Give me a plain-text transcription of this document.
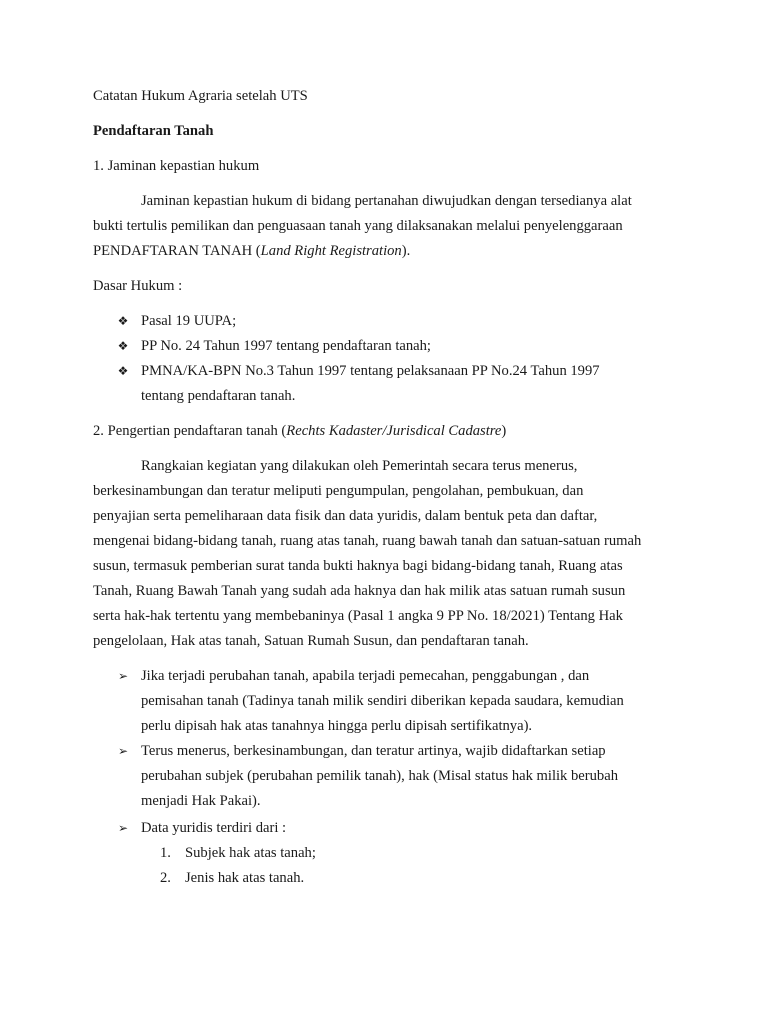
Catatan Hukum Agraria setelah UTS
Pendaftaran Tanah
1. Jaminan kepastian hukum
Jaminan kepastian hukum di bidang pertanahan diwujudkan dengan tersedianya alat
bukti tertulis pemilikan dan penguasaan tanah yang dilaksanakan melalui penyelenggaraan
PENDAFTARAN TANAH (Land Right Registration).
Dasar Hukum :
❖ Pasal 19 UUPA;
❖ PP No. 24 Tahun 1997 tentang pendaftaran tanah;
❖ PMNA/KA-BPN No.3 Tahun 1997 tentang pelaksanaan PP No.24 Tahun 1997
tentang pendaftaran tanah.
2. Pengertian pendaftaran tanah (Rechts Kadaster/Jurisdical Cadastre)
Rangkaian kegiatan yang dilakukan oleh Pemerintah secara terus menerus,
berkesinambungan dan teratur meliputi pengumpulan, pengolahan, pembukuan, dan
penyajian serta pemeliharaan data fisik dan data yuridis, dalam bentuk peta dan daftar,
mengenai bidang-bidang tanah, ruang atas tanah, ruang bawah tanah dan satuan-satuan rumah
susun, termasuk pemberian surat tanda bukti haknya bagi bidang-bidang tanah, Ruang atas
Tanah, Ruang Bawah Tanah yang sudah ada haknya dan hak milik atas satuan rumah susun
serta hak-hak tertentu yang membebaninya (Pasal 1 angka 9 PP No. 18/2021) Tentang Hak
pengelolaan, Hak atas tanah, Satuan Rumah Susun, dan pendaftaran tanah.
➢ Jika terjadi perubahan tanah, apabila terjadi pemecahan, penggabungan , dan
pemisahan tanah (Tadinya tanah milik sendiri diberikan kepada saudara, kemudian
perlu dipisah hak atas tanahnya hingga perlu dipisah sertifikatnya).
➢ Terus menerus, berkesinambungan, dan teratur artinya, wajib didaftarkan setiap
perubahan subjek (perubahan pemilik tanah), hak (Misal status hak milik berubah
menjadi Hak Pakai).
➢ Data yuridis terdiri dari :
1. Subjek hak atas tanah;
2. Jenis hak atas tanah.
